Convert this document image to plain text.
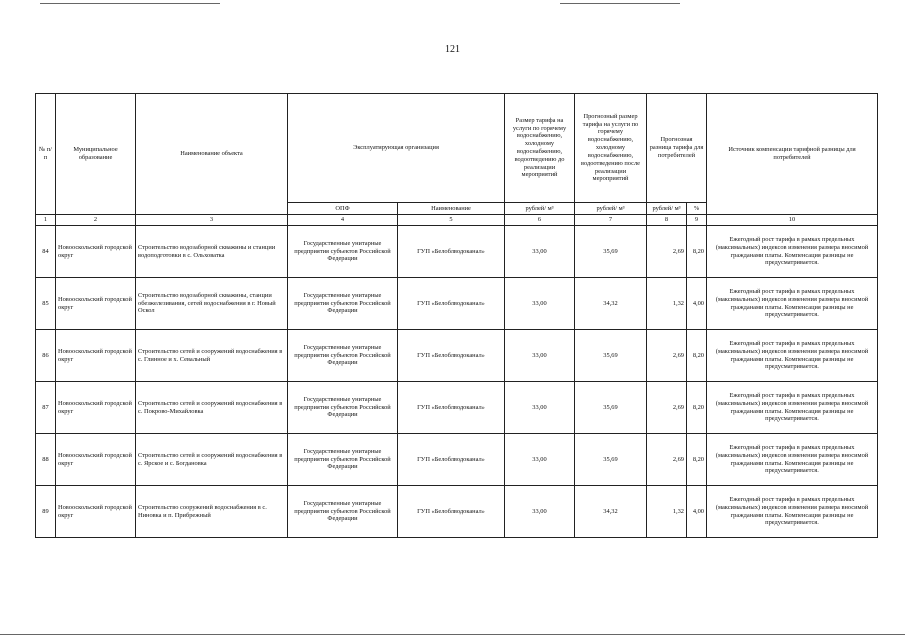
121
№ п/п	Муниципальное образование	Наименование объекта	Эксплуатирующая организация		Размер тарифа на услуги по горячему водоснабжению, холодному водоснабжению, водоотведению до реализации мероприятий	Прогнозный размер тарифа на услуги по горячему водоснабжению, холодному водоснабжению, водоотведению после реализации мероприятий	Прогнозная разница тарифа для потребителей		Источник компенсации тарифной разницы для потребителей
			ОПФ	Наименование	рублей/ м³	рублей/ м³	рублей/ м³	%	
1	2	3	4	5	6	7	8	9	10
84	Новооскольский городской округ	Строительство водозаборной скважины и станции водоподготовки в с. Ольховатка	Государственные унитарные предприятия субъектов Российской Федерации	ГУП «Белоблводоканал»	33,00	35,69	2,69	8,20	Ежегодный рост тарифа в рамках предельных (максимальных) индексов изменения размера вносимой гражданами платы. Компенсация разницы не предусматривается.
85	Новооскольский городской округ	Строительство водозаборной скважины, станции обезжелезивания, сетей водоснабжения в г. Новый Оскол	Государственные унитарные предприятия субъектов Российской Федерации	ГУП «Белоблводоканал»	33,00	34,32	1,32	4,00	Ежегодный рост тарифа в рамках предельных (максимальных) индексов изменения размера вносимой гражданами платы. Компенсация разницы не предусматривается.
86	Новооскольский городской округ	Строительство сетей и сооружений водоснабжения в с. Глинное и х. Севальный	Государственные унитарные предприятия субъектов Российской Федерации	ГУП «Белоблводоканал»	33,00	35,69	2,69	8,20	Ежегодный рост тарифа в рамках предельных (максимальных) индексов изменения размера вносимой гражданами платы. Компенсация разницы не предусматривается.
87	Новооскольский городской округ	Строительство сетей и сооружений водоснабжения в с. Покрово-Михайловка	Государственные унитарные предприятия субъектов Российской Федерации	ГУП «Белоблводоканал»	33,00	35,69	2,69	8,20	Ежегодный рост тарифа в рамках предельных (максимальных) индексов изменения размера вносимой гражданами платы. Компенсация разницы не предусматривается.
88	Новооскольский городской округ	Строительство сетей и сооружений водоснабжения в с. Ярское и с. Богдановка	Государственные унитарные предприятия субъектов Российской Федерации	ГУП «Белоблводоканал»	33,00	35,69	2,69	8,20	Ежегодный рост тарифа в рамках предельных (максимальных) индексов изменения размера вносимой гражданами платы. Компенсация разницы не предусматривается.
89	Новооскольский городской округ	Строительство сооружений водоснабжения в с. Ниновка и п. Прибрежный	Государственные унитарные предприятия субъектов Российской Федерации	ГУП «Белоблводоканал»	33,00	34,32	1,32	4,00	Ежегодный рост тарифа в рамках предельных (максимальных) индексов изменения размера вносимой гражданами платы. Компенсация разницы не предусматривается.
